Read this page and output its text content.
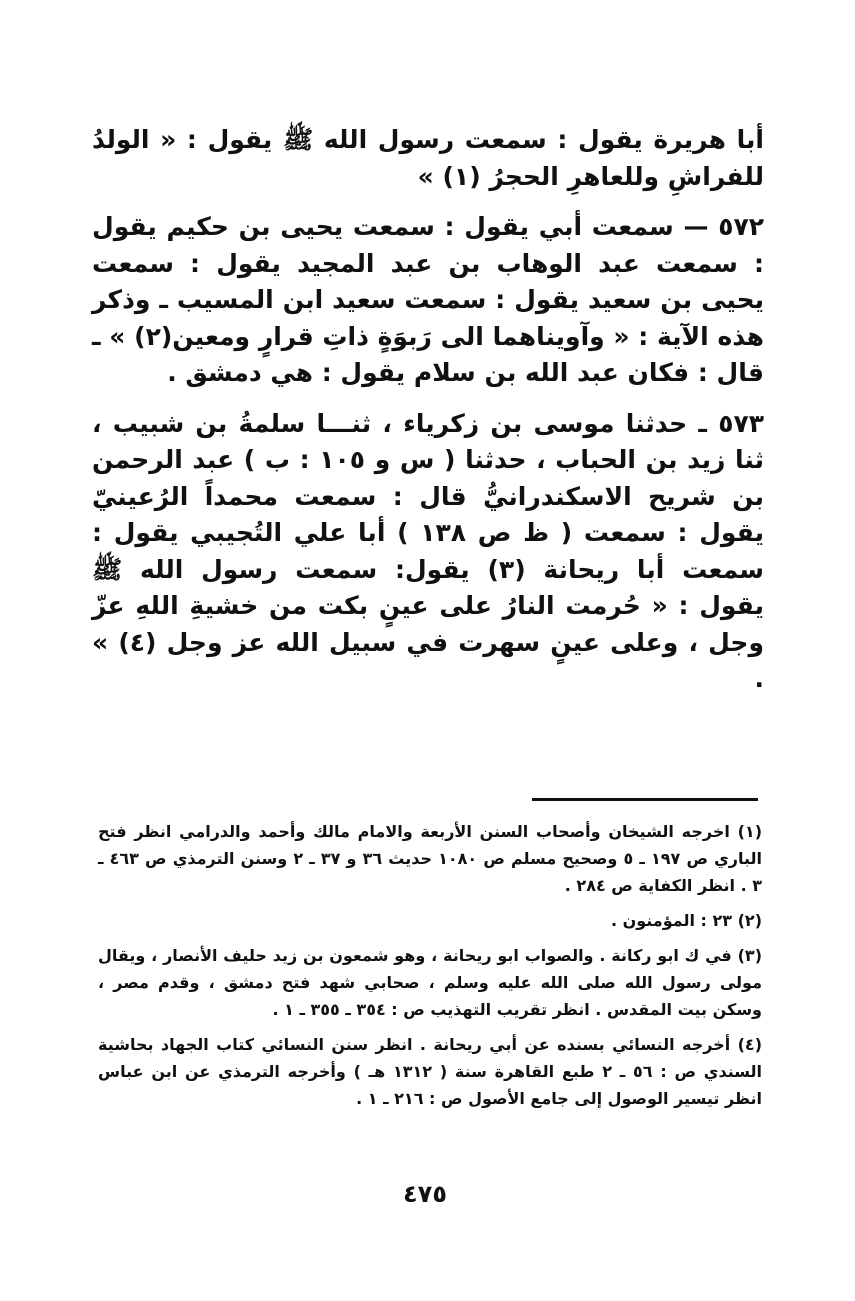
أبا هريرة يقول : سمعت رسول الله ﷺ يقول : « الولدُ للفراشِ وللعاهرِ الحجرُ (١) »

٥٧٢ — سمعت أبي يقول : سمعت يحيى بن حكيم يقول : سمعت عبد الوهاب بن عبد المجيد يقول : سمعت يحيى بن سعيد يقول : سمعت سعيد ابن المسيب ـ وذكر هذه الآية : « وآويناهما الى رَبوَةٍ ذاتِ قرارٍ ومعين(٢) » ـ قال : فكان عبد الله بن سلام يقول : هي دمشق .

٥٧٣ ـ حدثنا موسى بن زكرياء ، ثنـــا سلمةُ بن شبيب ، ثنا زيد بن الحباب ، حدثنا ( س و ١٠٥ : ب ) عبد الرحمن بن شريح الاسكندرانيُّ قال : سمعت محمداً الرُعينيّ يقول : سمعت ( ظ ص ١٣٨ ) أبا علي التُجيبي يقول : سمعت أبا ريحانة (٣) يقول: سمعت رسول الله ﷺ يقول : « حُرمت النارُ على عينٍ بكت من خشيةِ اللهِ عزّ وجل ، وعلى عينٍ سهرت في سبيل الله عز وجل (٤) » .

(١) اخرجه الشيخان وأصحاب السنن الأربعة والامام مالك وأحمد والدرامي انظر فتح الباري ص ١٩٧ ـ ٥ وصحيح مسلم ص ١٠٨٠ حديث ٣٦ و ٣٧ ـ ٢ وسنن الترمذي ص ٤٦٣ ـ ٣ . انظر الكفاية ص ٢٨٤ .

(٢) ٢٣ : المؤمنون .

(٣) في ك ابو ركانة . والصواب ابو ريحانة ، وهو شمعون بن زيد حليف الأنصار ، ويقال مولى رسول الله صلى الله عليه وسلم ، صحابي شهد فتح دمشق ، وقدم مصر ، وسكن بيت المقدس . انظر تقريب التهذيب ص : ٣٥٤ ـ ٣٥٥ ـ ١ .

(٤) أخرجه النسائي بسنده عن أبي ريحانة . انظر سنن النسائي كتاب الجهاد بحاشية السندي ص : ٥٦ ـ ٢ طبع القاهرة سنة ( ١٣١٢ هـ ) وأخرجه الترمذي عن ابن عباس انظر تيسير الوصول إلى جامع الأصول ص : ٢١٦ ـ ١ .

٤٧٥
